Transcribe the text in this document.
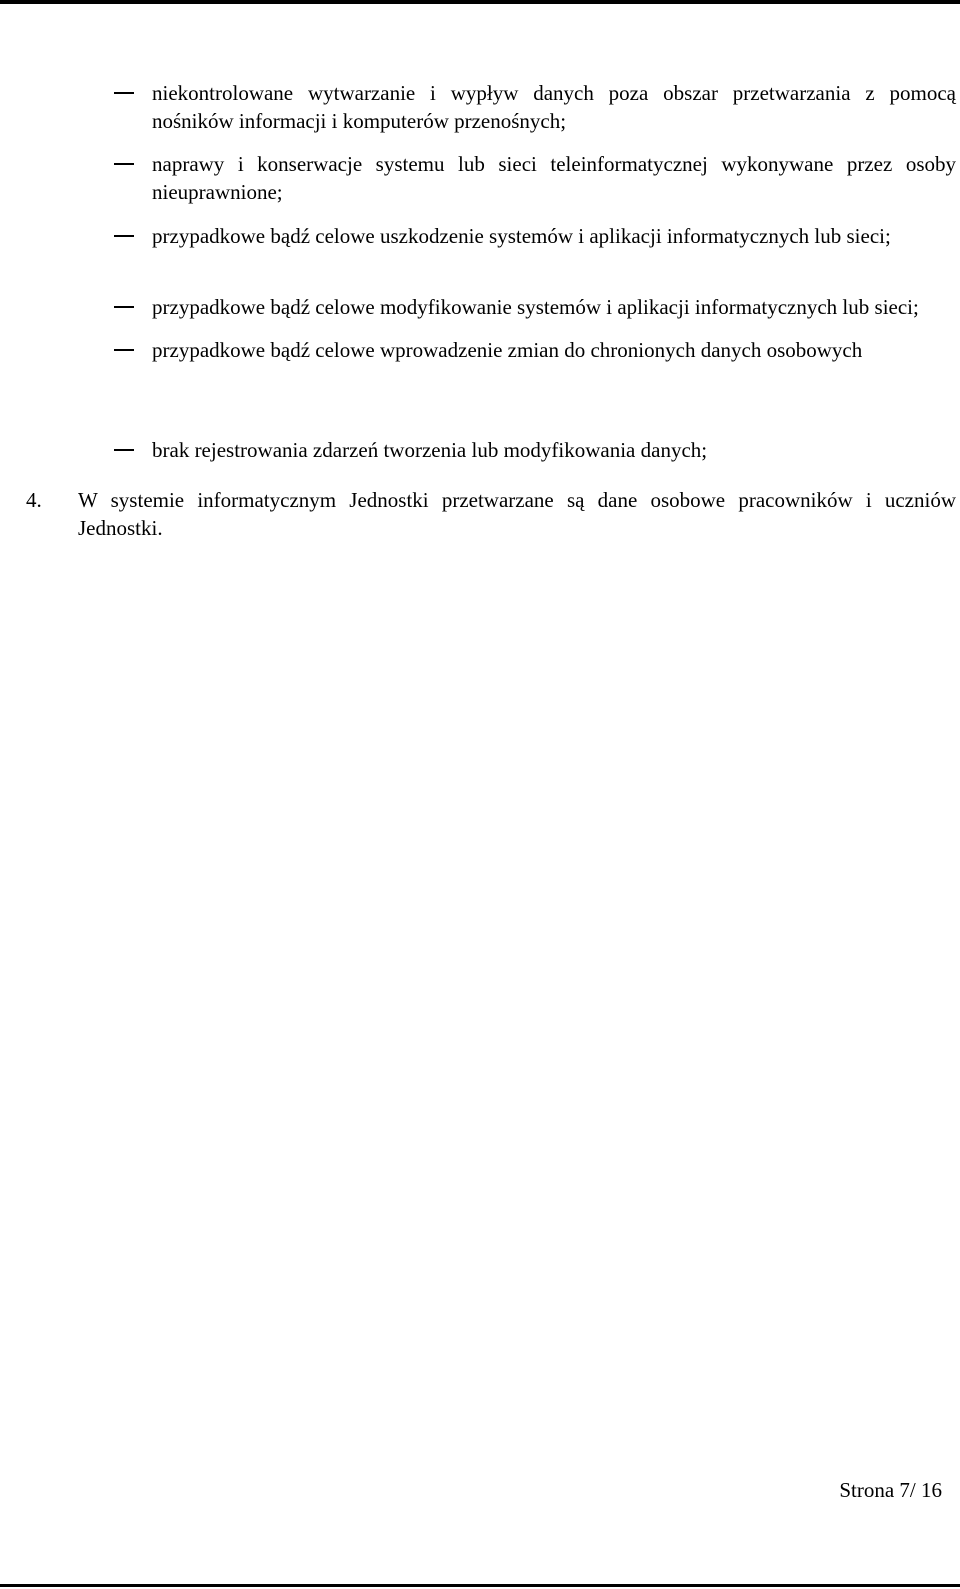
niekontrolowane wytwarzanie i wypływ danych poza obszar przetwarzania z pomocą nośników informacji i komputerów przenośnych;
naprawy i konserwacje systemu lub sieci teleinformatycznej wykonywane przez osoby nieuprawnione;
przypadkowe bądź celowe uszkodzenie systemów i aplikacji informatycznych lub sieci;
przypadkowe bądź celowe modyfikowanie systemów i aplikacji informatycznych lub sieci;
przypadkowe bądź celowe wprowadzenie zmian do chronionych danych osobowych
brak rejestrowania zdarzeń tworzenia lub modyfikowania danych;
4. W systemie informatycznym Jednostki przetwarzane są dane osobowe pracowników i uczniów Jednostki.
Strona 7/ 16
